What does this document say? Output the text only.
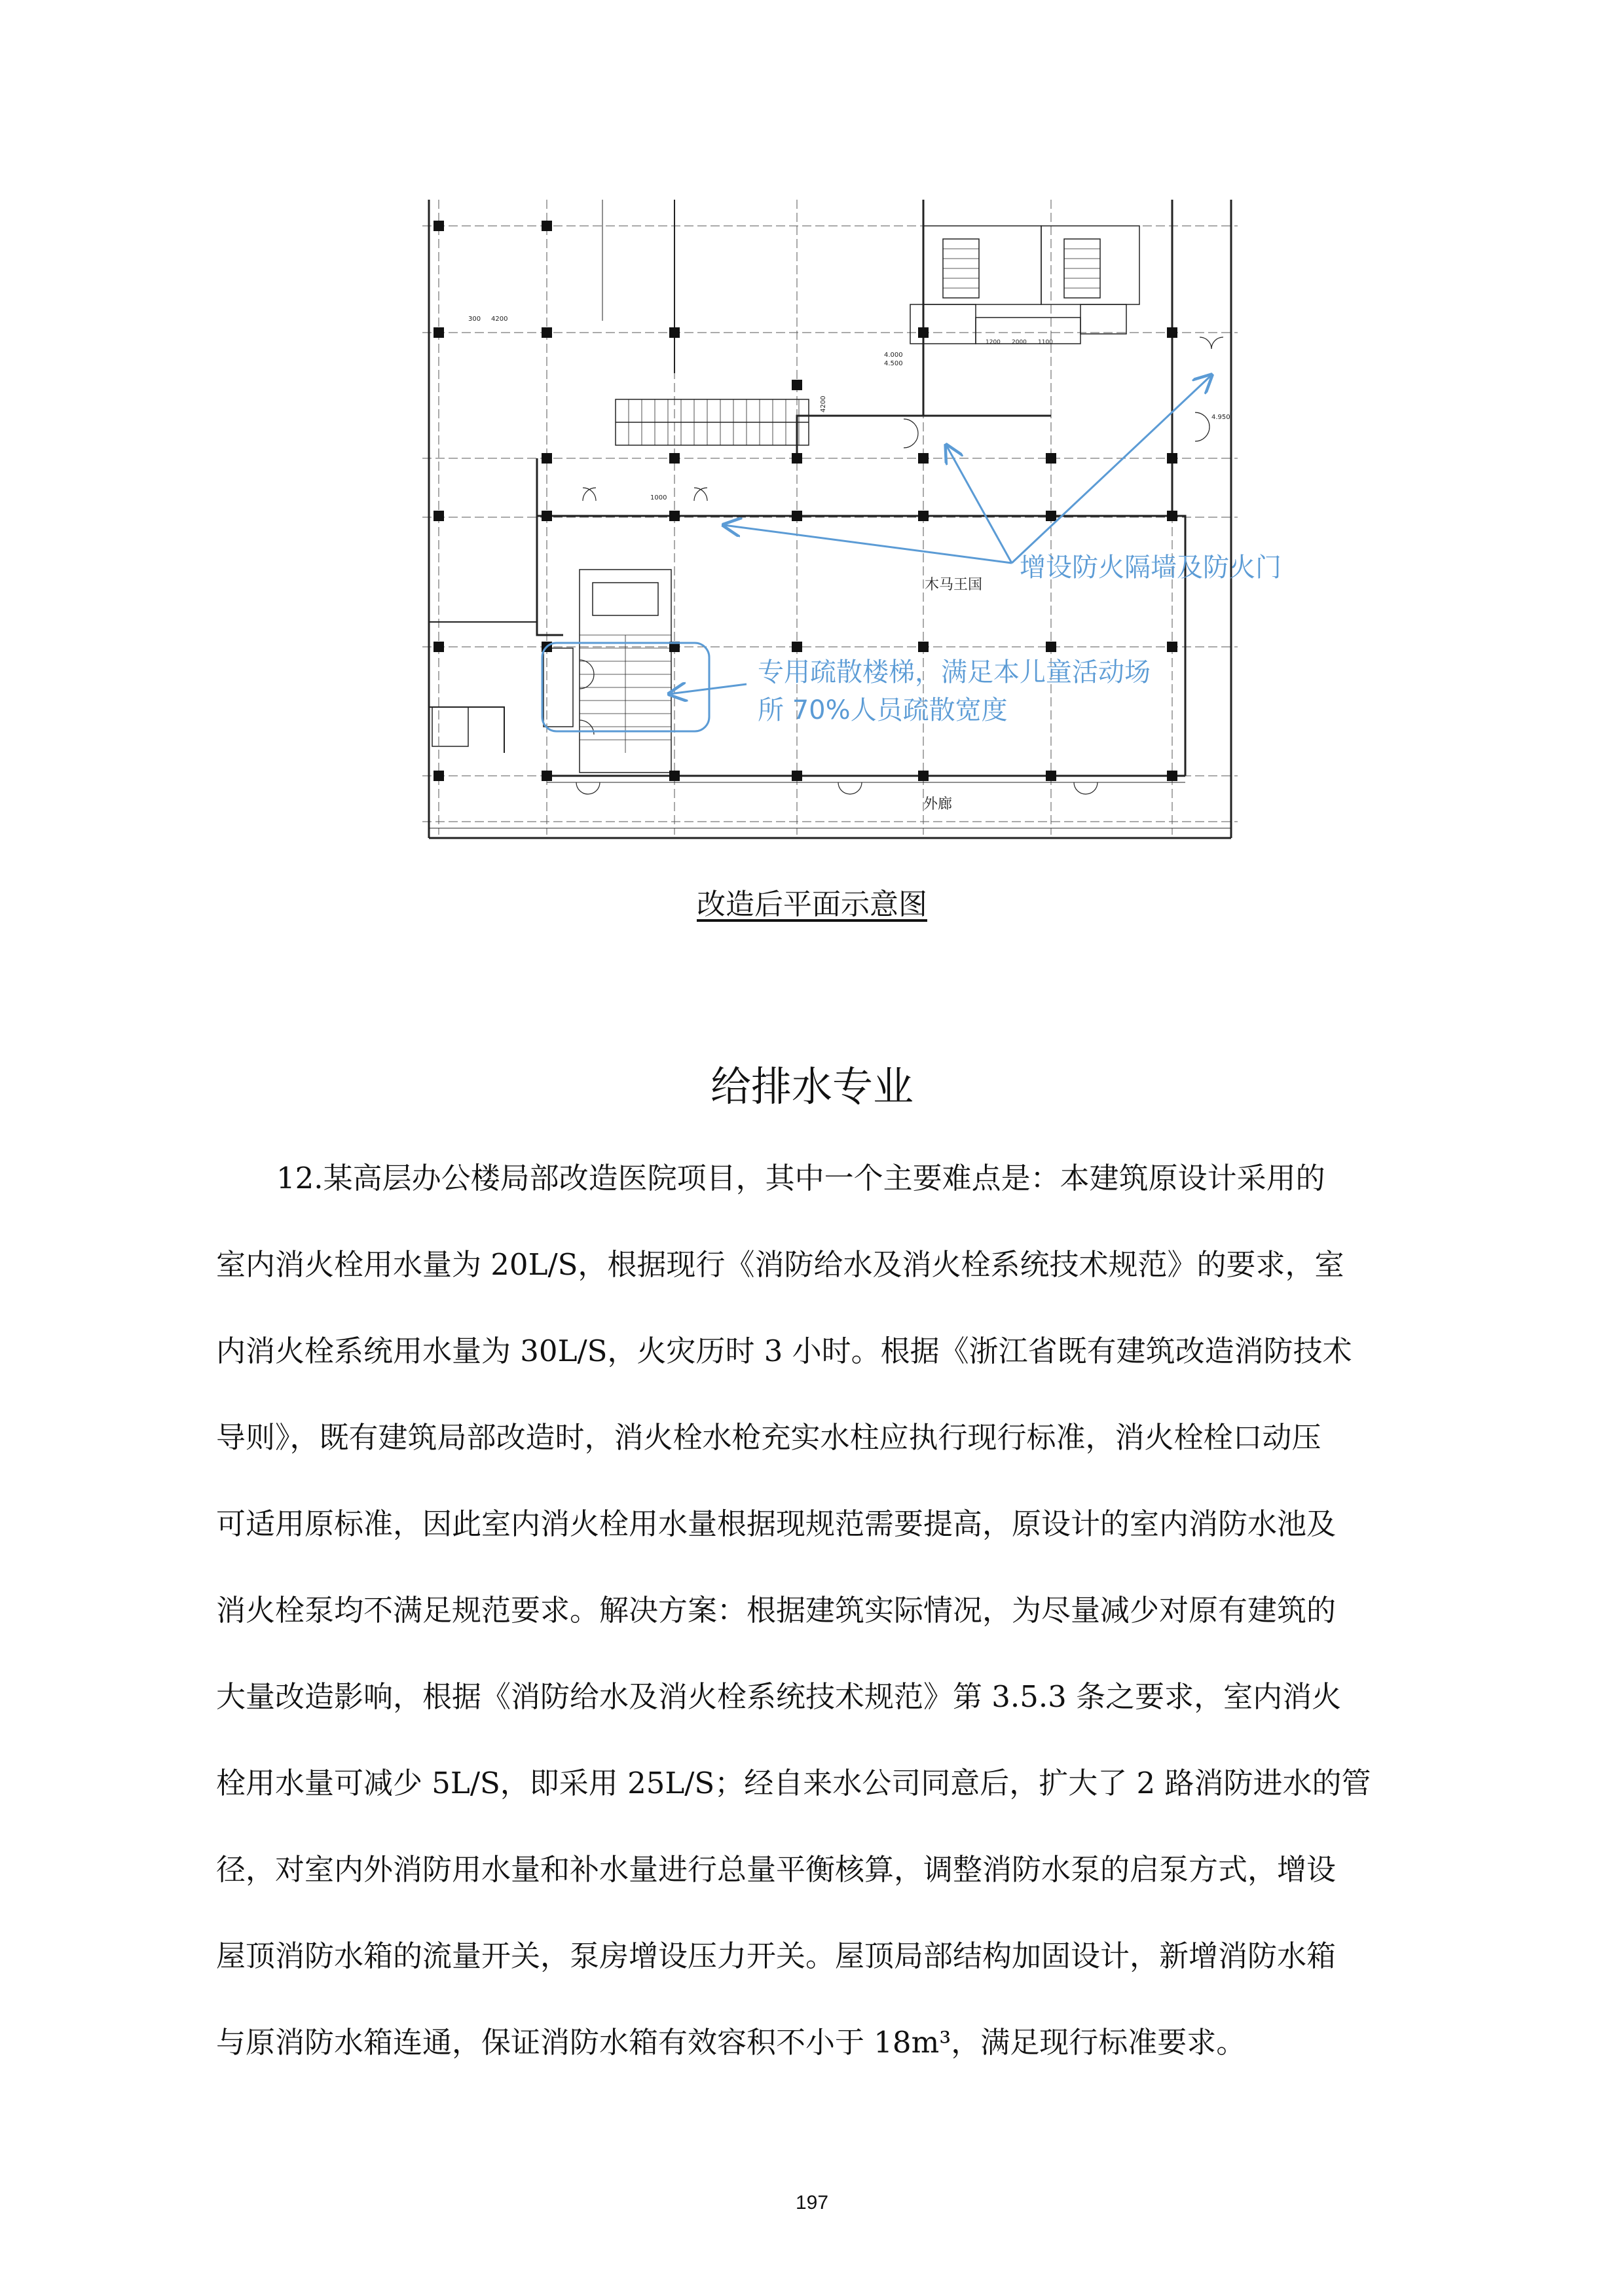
300 4200
4.000
4.500
4.950
1000
4200
1200 2000 1100
木马王国
外廊
增设防火隔墙及防火门
专用疏散楼梯，满足本儿童活动场
所 70%人员疏散宽度
改造后平面示意图
给排水专业
12.某高层办公楼局部改造医院项目，其中一个主要难点是：本建筑原设计采用的
室内消火栓用水量为 20L/S，根据现行《消防给水及消火栓系统技术规范》的要求，室
内消火栓系统用水量为 30L/S，火灾历时 3 小时。根据《浙江省既有建筑改造消防技术
导则》，既有建筑局部改造时，消火栓水枪充实水柱应执行现行标准，消火栓栓口动压
可适用原标准，因此室内消火栓用水量根据现规范需要提高，原设计的室内消防水池及
消火栓泵均不满足规范要求。解决方案：根据建筑实际情况，为尽量减少对原有建筑的
大量改造影响，根据《消防给水及消火栓系统技术规范》第 3.5.3 条之要求，室内消火
栓用水量可减少 5L/S，即采用 25L/S；经自来水公司同意后，扩大了 2 路消防进水的管
径，对室内外消防用水量和补水量进行总量平衡核算，调整消防水泵的启泵方式，增设
屋顶消防水箱的流量开关，泵房增设压力开关。屋顶局部结构加固设计，新增消防水箱
与原消防水箱连通，保证消防水箱有效容积不小于 18m³，满足现行标准要求。
197
